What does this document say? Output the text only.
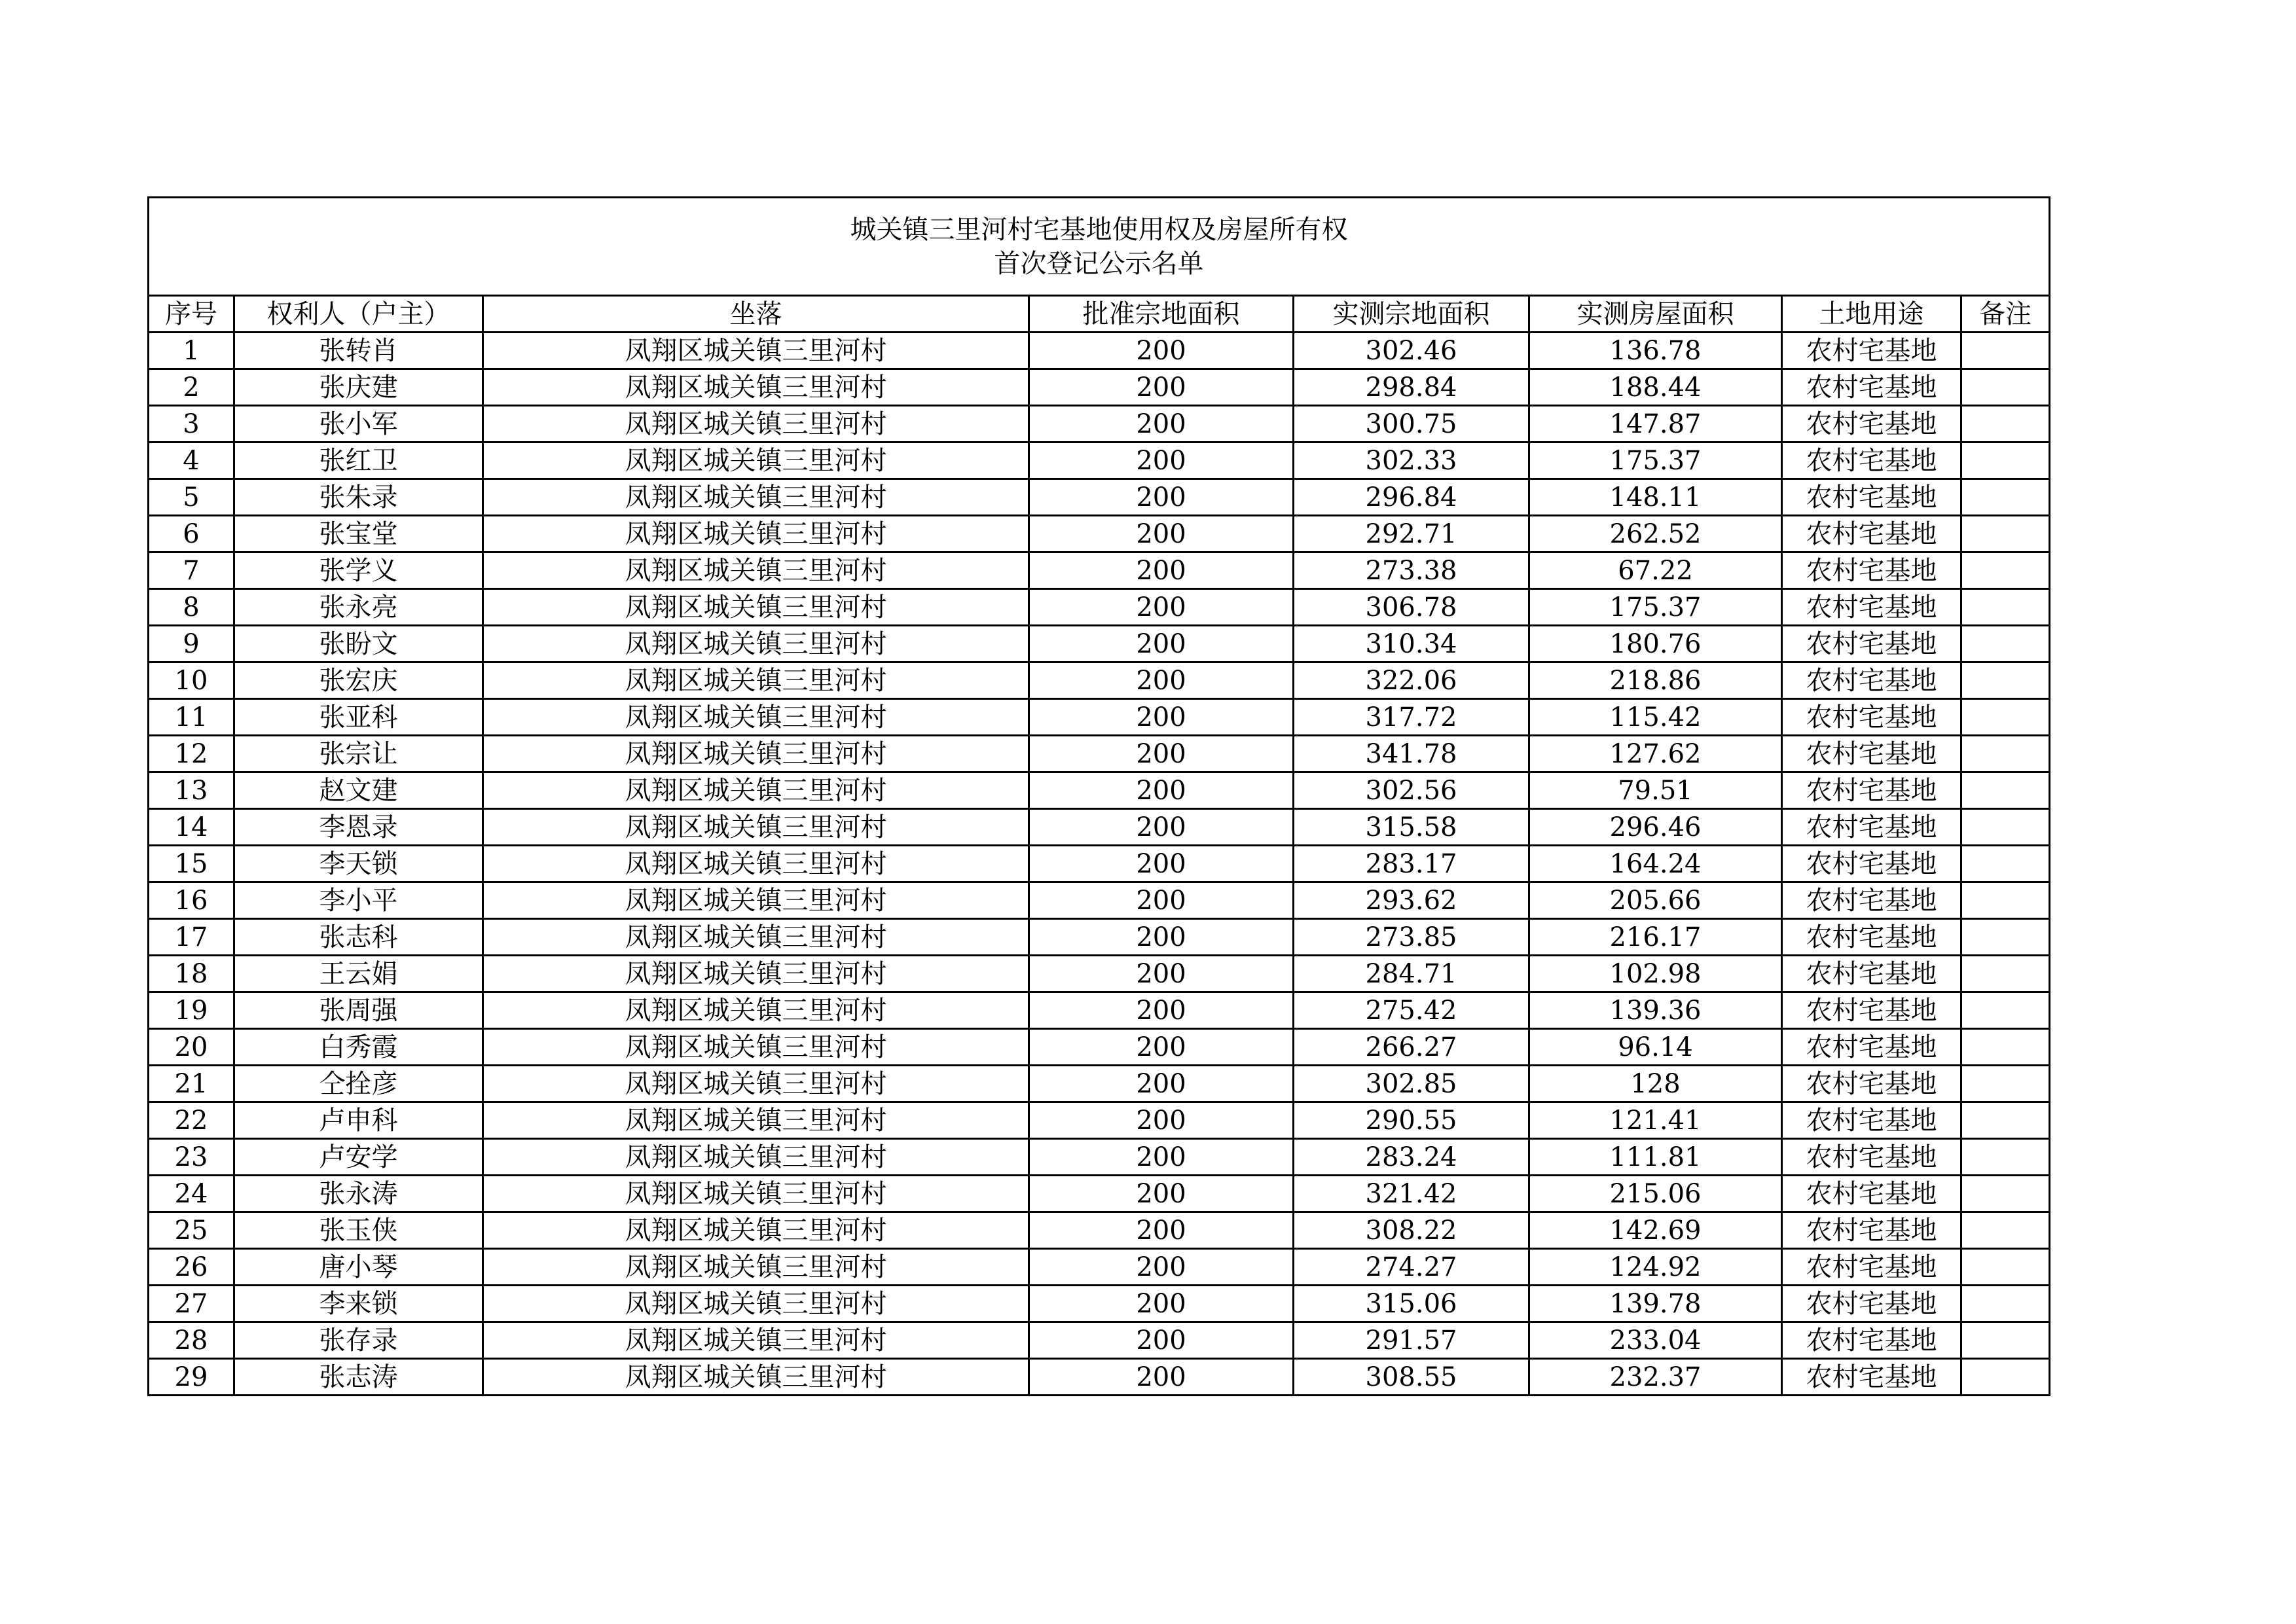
城关镇三里河村宅基地使用权及房屋所有权
首次登记公示名单							

序号	权利人（户主）	坐落	批准宗地面积	实测宗地面积	实测房屋面积	土地用途	备注
1	张转肖	凤翔区城关镇三里河村	200	302.46	136.78	农村宅基地	
2	张庆建	凤翔区城关镇三里河村	200	298.84	188.44	农村宅基地	
3	张小军	凤翔区城关镇三里河村	200	300.75	147.87	农村宅基地	
4	张红卫	凤翔区城关镇三里河村	200	302.33	175.37	农村宅基地	
5	张朱录	凤翔区城关镇三里河村	200	296.84	148.11	农村宅基地	
6	张宝堂	凤翔区城关镇三里河村	200	292.71	262.52	农村宅基地	
7	张学义	凤翔区城关镇三里河村	200	273.38	67.22	农村宅基地	
8	张永亮	凤翔区城关镇三里河村	200	306.78	175.37	农村宅基地	
9	张盼文	凤翔区城关镇三里河村	200	310.34	180.76	农村宅基地	
10	张宏庆	凤翔区城关镇三里河村	200	322.06	218.86	农村宅基地	
11	张亚科	凤翔区城关镇三里河村	200	317.72	115.42	农村宅基地	
12	张宗让	凤翔区城关镇三里河村	200	341.78	127.62	农村宅基地	
13	赵文建	凤翔区城关镇三里河村	200	302.56	79.51	农村宅基地	
14	李恩录	凤翔区城关镇三里河村	200	315.58	296.46	农村宅基地	
15	李天锁	凤翔区城关镇三里河村	200	283.17	164.24	农村宅基地	
16	李小平	凤翔区城关镇三里河村	200	293.62	205.66	农村宅基地	
17	张志科	凤翔区城关镇三里河村	200	273.85	216.17	农村宅基地	
18	王云娟	凤翔区城关镇三里河村	200	284.71	102.98	农村宅基地	
19	张周强	凤翔区城关镇三里河村	200	275.42	139.36	农村宅基地	
20	白秀霞	凤翔区城关镇三里河村	200	266.27	96.14	农村宅基地	
21	仝拴彦	凤翔区城关镇三里河村	200	302.85	128	农村宅基地	
22	卢申科	凤翔区城关镇三里河村	200	290.55	121.41	农村宅基地	
23	卢安学	凤翔区城关镇三里河村	200	283.24	111.81	农村宅基地	
24	张永涛	凤翔区城关镇三里河村	200	321.42	215.06	农村宅基地	
25	张玉侠	凤翔区城关镇三里河村	200	308.22	142.69	农村宅基地	
26	唐小琴	凤翔区城关镇三里河村	200	274.27	124.92	农村宅基地	
27	李来锁	凤翔区城关镇三里河村	200	315.06	139.78	农村宅基地	
28	张存录	凤翔区城关镇三里河村	200	291.57	233.04	农村宅基地	
29	张志涛	凤翔区城关镇三里河村	200	308.55	232.37	农村宅基地	
